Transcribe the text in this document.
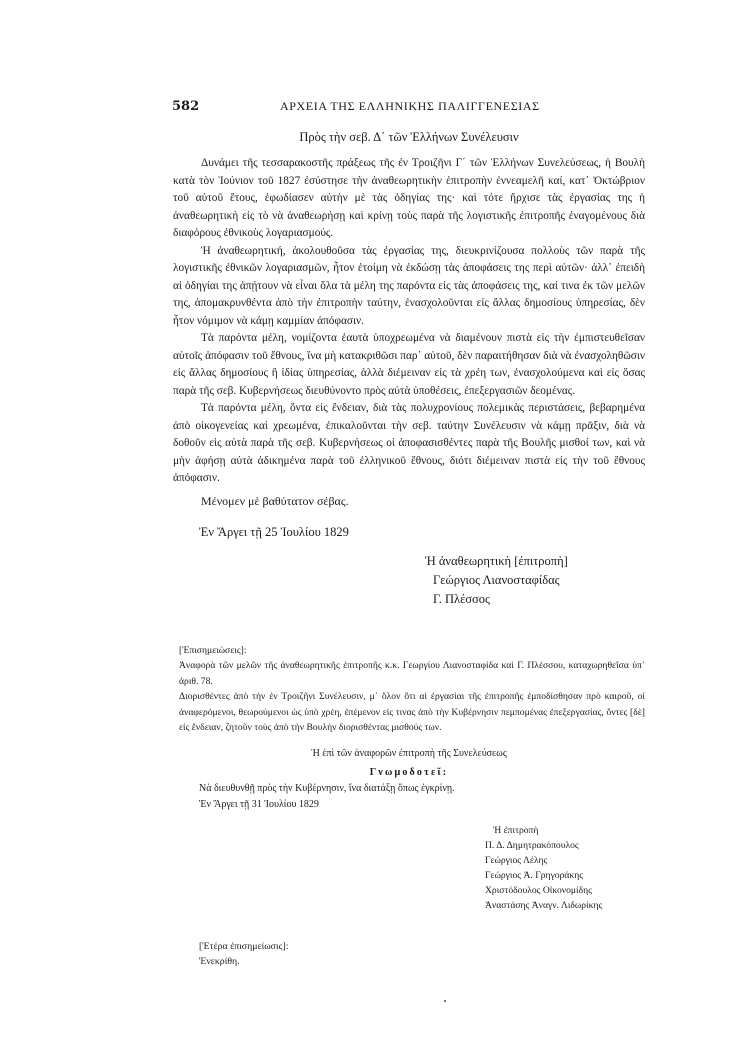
582	ΑΡΧΕΙΑ ΤΗΣ ΕΛΛΗΝΙΚΗΣ ΠΑΛΙΓΓΕΝΕΣΙΑΣ
Πρὸς τὴν σεβ. Δ΄ τῶν Ἑλλήνων Συνέλευσιν

Δυνάμει τῆς τεσσαρακοστῆς πράξεως τῆς ἐν Τροιζῆνι Γ΄ τῶν Ἑλλήνων Συνελεύσεως, ἡ Βουλὴ κατὰ τὸν Ἰούνιον τοῦ 1827 ἐσύστησε τὴν ἀναθεωρητικὴν ἐπιτροπὴν ἐννεαμελῆ καί, κατ᾽ Ὀκτώβριον τοῦ αὐτοῦ ἔτους, ἐφωδίασεν αὐτὴν μὲ τὰς ὁδηγίας της· καὶ τότε ἤρχισε τὰς ἐργασίας της ἡ ἀναθεωρητικὴ εἰς τὸ νὰ ἀναθεωρήσῃ καὶ κρίνῃ τοὺς παρὰ τῆς λογιστικῆς ἐπιτροπῆς ἐναγομένους διὰ διαφόρους ἐθνικοὺς λογαριασμούς.

Ἡ ἀναθεωρητική, ἀκολουθοῦσα τὰς ἐργασίας της, διευκρινίζουσα πολλοὺς τῶν παρὰ τῆς λογιστικῆς ἐθνικῶν λογαριασμῶν, ἦτον ἑτοίμη νὰ ἐκδώσῃ τὰς ἀποφάσεις της περὶ αὐτῶν· ἀλλ᾽ ἐπειδὴ αἱ ὁδηγίαι της ἀπῄτουν νὰ εἶναι ὅλα τὰ μέλη της παρόντα εἰς τὰς ἀποφάσεις της, καί τινα ἐκ τῶν μελῶν της, ἀπομακρυνθέντα ἀπὸ τὴν ἐπιτροπὴν ταύτην, ἐνασχολοῦνται εἰς ἄλλας δημοσίους ὑπηρεσίας, δὲν ἦτον νόμιμον νὰ κάμῃ καμμίαν ἀπόφασιν.

Τὰ παρόντα μέλη, νομίζοντα ἑαυτὰ ὑποχρεωμένα νὰ διαμένουν πιστὰ εἰς τὴν ἐμπιστευθεῖσαν αὐτοῖς ἀπόφασιν τοῦ ἔθνους, ἵνα μὴ κατακριθῶσι παρ᾽ αὐτοῦ, δὲν παραιτήθησαν διὰ νὰ ἐνασχοληθῶσιν εἰς ἄλλας δημοσίους ἢ ἰδίας ὑπηρεσίας, ἀλλὰ διέμειναν εἰς τὰ χρέη των, ἐνασχολούμενα καὶ εἰς ὅσας παρὰ τῆς σεβ. Κυβερνήσεως διευθύνοντο πρὸς αὐτὰ ὑποθέσεις, ἐπεξεργασιῶν δεομένας.

Τὰ παρόντα μέλη, ὄντα εἰς ἔνδειαν, διὰ τὰς πολυχρονίους πολεμικὰς περιστάσεις, βεβαρημένα ἀπὸ οἰκογενείας καὶ χρεωμένα, ἐπικαλοῦνται τὴν σεβ. ταύτην Συνέλευσιν νὰ κάμῃ πρᾶξιν, διὰ νὰ δοθοῦν εἰς αὐτὰ παρὰ τῆς σεβ. Κυβερνήσεως οἱ ἀποφασισθέντες παρὰ τῆς Βουλῆς μισθοί των, καὶ νὰ μὴν ἀφήσῃ αὐτὰ ἀδικημένα παρὰ τοῦ ἑλληνικοῦ ἔθνους, διότι διέμειναν πιστὰ εἰς τὴν τοῦ ἔθνους ἀπόφασιν.

Μένομεν μὲ βαθύτατον σέβας.

Ἐν Ἄργει τῇ 25 Ἰουλίου 1829
Ἡ ἀναθεωρητικὴ [ἐπιτροπὴ]
Γεώργιος Λιανοσταφίδας
Γ. Πλέσσος
[Ἐπισημειώσεις]:
Ἀναφορὰ τῶν μελῶν τῆς ἀναθεωρητικῆς ἐπιτροπῆς κ.κ. Γεωργίου Λιανοσταφίδα καὶ Γ. Πλέσσου, καταχωρηθεῖσα ὑπ᾽ ἀριθ. 78.
Διορισθέντες ἀπὸ τὴν ἐν Τροιζῆνι Συνέλευσιν, μ᾽ ὅλον ὅτι αἱ ἐργασίαι τῆς ἐπιτροπῆς ἐμποδίσθησαν πρὸ καιροῦ, οἱ ἀναφερόμενοι, θεωρούμενοι ὡς ὑπὸ χρέη, ἐπέμενον εἰς τινας ἀπὸ τὴν Κυβέρνησιν πεμπομένας ἐπεξεργασίας, ὄντες [δὲ] εἰς ἔνδειαν, ζητοῦν τοὺς ἀπὸ τὴν Βουλὴν διορισθέντας μισθούς των.
Ἡ ἐπὶ τῶν ἀναφορῶν ἐπιτροπὴ τῆς Συνελεύσεως
Γνωμοδοτεῖ:
Νὰ διευθυνθῇ πρὸς τὴν Κυβέρνησιν, ἵνα διατάξῃ ὅπως ἐγκρίνῃ.
Ἐν Ἄργει τῇ 31 Ἰουλίου 1829
Ἡ ἐπιτροπὴ
Π. Δ. Δημητρακόπουλος
Γεώργιος Λέλης
Γεώργιος Ἀ. Γρηγοράκης
Χριστόδουλος Οἰκονομίδης
Ἀναστάσης Ἀναγν. Λιδωρίκης
[Ἑτέρα ἐπισημείωσις]:
Ἐνεκρίθη.
